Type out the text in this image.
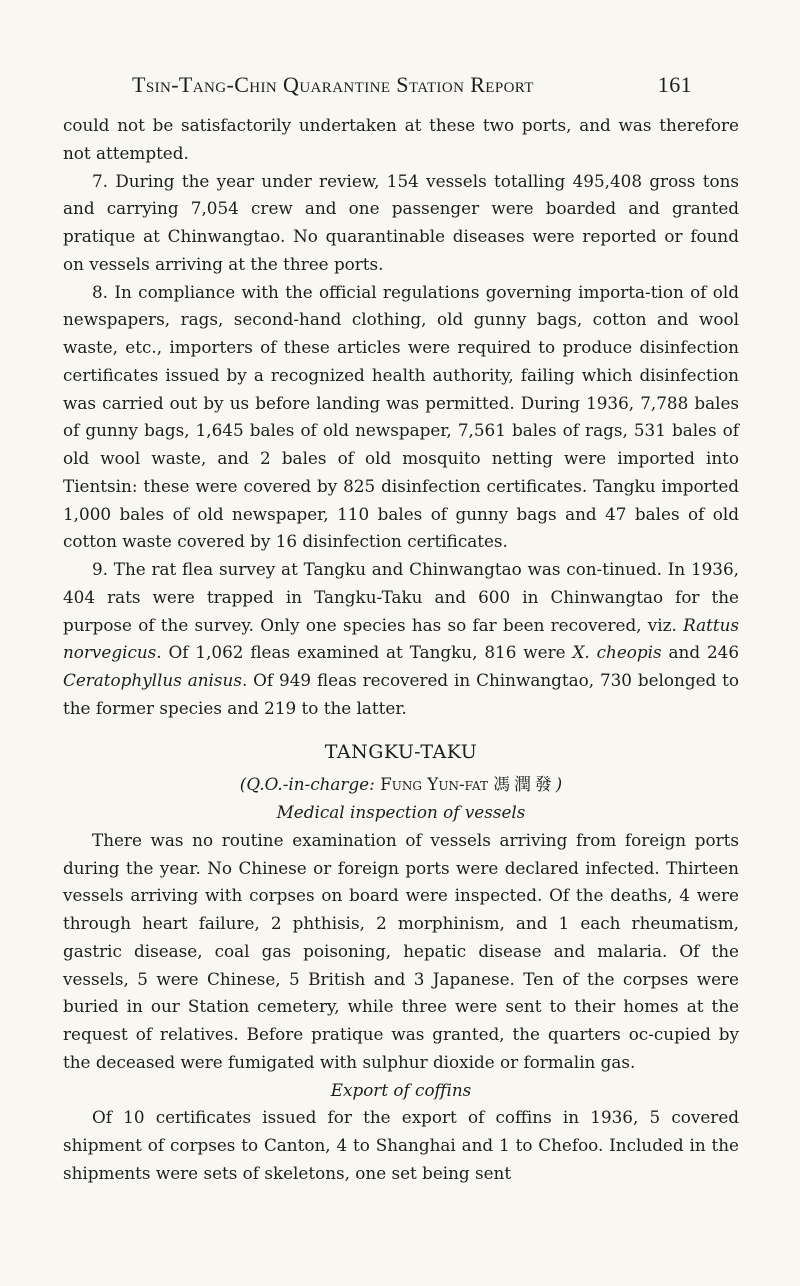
Tsin-Tang-Chin Quarantine Station Report	161

could not be satisfactorily undertaken at these two ports, and was therefore not attempted.

7. During the year under review, 154 vessels totalling 495,408 gross tons and carrying 7,054 crew and one passenger were boarded and granted pratique at Chinwangtao. No quarantinable diseases were reported or found on vessels arriving at the three ports.

8. In compliance with the official regulations governing importa-tion of old newspapers, rags, second-hand clothing, old gunny bags, cotton and wool waste, etc., importers of these articles were required to produce disinfection certificates issued by a recognized health authority, failing which disinfection was carried out by us before landing was permitted. During 1936, 7,788 bales of gunny bags, 1,645 bales of old newspaper, 7,561 bales of rags, 531 bales of old wool waste, and 2 bales of old mosquito netting were imported into Tientsin: these were covered by 825 disinfection certificates. Tangku imported 1,000 bales of old newspaper, 110 bales of gunny bags and 47 bales of old cotton waste covered by 16 disinfection certificates.

9. The rat flea survey at Tangku and Chinwangtao was con-tinued. In 1936, 404 rats were trapped in Tangku-Taku and 600 in Chinwangtao for the purpose of the survey. Only one species has so far been recovered, viz. Rattus norvegicus. Of 1,062 fleas examined at Tangku, 816 were X. cheopis and 246 Ceratophyllus anisus. Of 949 fleas recovered in Chinwangtao, 730 belonged to the former species and 219 to the latter.

TANGKU-TAKU

(Q.O.-in-charge: Fung Yun-fat 馮潤發)

Medical inspection of vessels

There was no routine examination of vessels arriving from foreign ports during the year. No Chinese or foreign ports were declared infected. Thirteen vessels arriving with corpses on board were inspected. Of the deaths, 4 were through heart failure, 2 phthisis, 2 morphinism, and 1 each rheumatism, gastric disease, coal gas poisoning, hepatic disease and malaria. Of the vessels, 5 were Chinese, 5 British and 3 Japanese. Ten of the corpses were buried in our Station cemetery, while three were sent to their homes at the request of relatives. Before pratique was granted, the quarters oc-cupied by the deceased were fumigated with sulphur dioxide or formalin gas.

Export of coffins

Of 10 certificates issued for the export of coffins in 1936, 5 covered shipment of corpses to Canton, 4 to Shanghai and 1 to Chefoo. Included in the shipments were sets of skeletons, one set being sent
